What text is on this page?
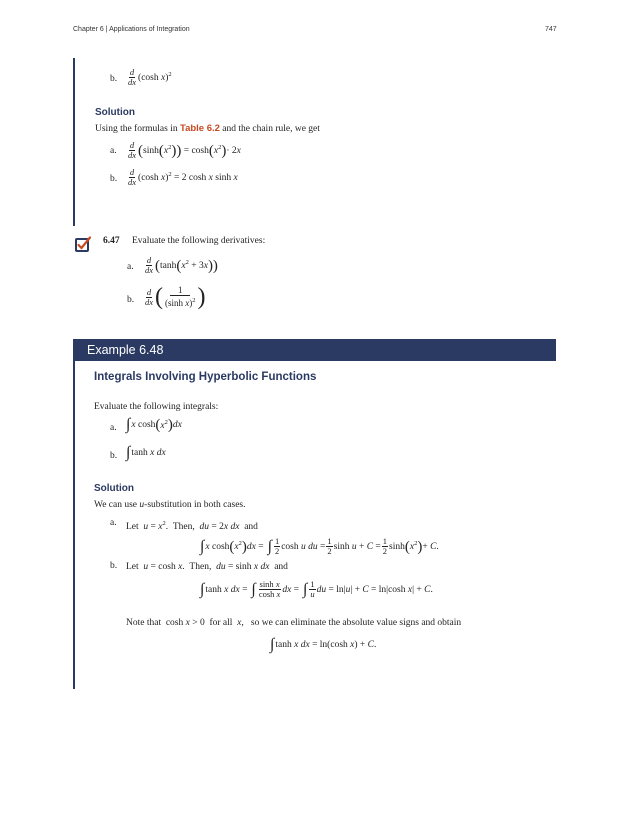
Chapter 6 | Applications of Integration	747
b. $\frac{d}{dx} (\cosh$ x)$^2$
Solution
Using the formulas in Table 6.2 and the chain rule, we get
a. $\frac{d}{dx}$ ( sinh ( $x^2$ )) = cosh ( $x^2$ ) · 2x
b. $\frac{d}{dx} (\cosh$ x)$^2$ = 2 cosh x sinh x
6.47 Evaluate the following derivatives:
a. $\frac{d}{dx}$ ( tanh ( $x^2 + 3x$ ))
b. $\frac{d}{dx}$ ( $\frac{1}{(\sinh x)^2}$ )
Example 6.48
Integrals Involving Hyperbolic Functions
Evaluate the following integrals:
a. ∫ x cosh ( $x^2$ ) dx
b. ∫ tanh x dx
Solution
We can use u-substitution in both cases.
a. Let  $u = x^2$.  Then,  du = 2x dx  and
∫ x cosh ( $x^2$ ) dx = ∫ $\frac{1}{2}$ cosh u du = $\frac{1}{2}$ $\sinh u + C = \frac{1}{2}$ sinh ( $x^2$ ) + C.
b. Let  u = cosh x.  Then,  du = sinh x dx  and
∫ tanh x dx = ∫ $\frac{\text{sinh x}}{\text{cosh x}}$ dx = ∫ $\frac{1}{u}$ du = ln|u| + C = ln|cosh x| + C.
Note that  cosh x > 0  for all  x,   so we can eliminate the absolute value signs and obtain
∫ tanh x dx = ln(cosh x) + C.
